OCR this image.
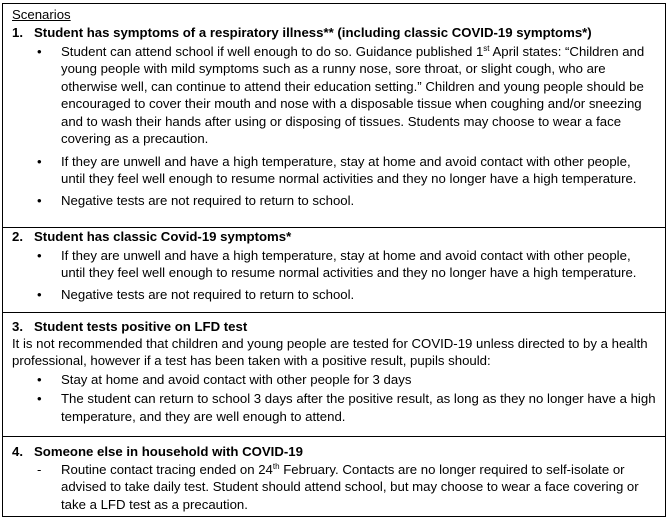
Scenarios
1. Student has symptoms of a respiratory illness** (including classic COVID-19 symptoms*)
• Student can attend school if well enough to do so. Guidance published 1st April states: “Children and young people with mild symptoms such as a runny nose, sore throat, or slight cough, who are otherwise well, can continue to attend their education setting.” Children and young people should be encouraged to cover their mouth and nose with a disposable tissue when coughing and/or sneezing and to wash their hands after using or disposing of tissues. Students may choose to wear a face covering as a precaution.
• If they are unwell and have a high temperature, stay at home and avoid contact with other people, until they feel well enough to resume normal activities and they no longer have a high temperature.
• Negative tests are not required to return to school.
2. Student has classic Covid-19 symptoms*
• If they are unwell and have a high temperature, stay at home and avoid contact with other people, until they feel well enough to resume normal activities and they no longer have a high temperature.
• Negative tests are not required to return to school.
3. Student tests positive on LFD test
It is not recommended that children and young people are tested for COVID-19 unless directed to by a health professional, however if a test has been taken with a positive result, pupils should:
• Stay at home and avoid contact with other people for 3 days
• The student can return to school 3 days after the positive result, as long as they no longer have a high temperature, and they are well enough to attend.
4. Someone else in household with COVID-19
- Routine contact tracing ended on 24th February. Contacts are no longer required to self-isolate or advised to take daily test. Student should attend school, but may choose to wear a face covering or take a LFD test as a precaution.
